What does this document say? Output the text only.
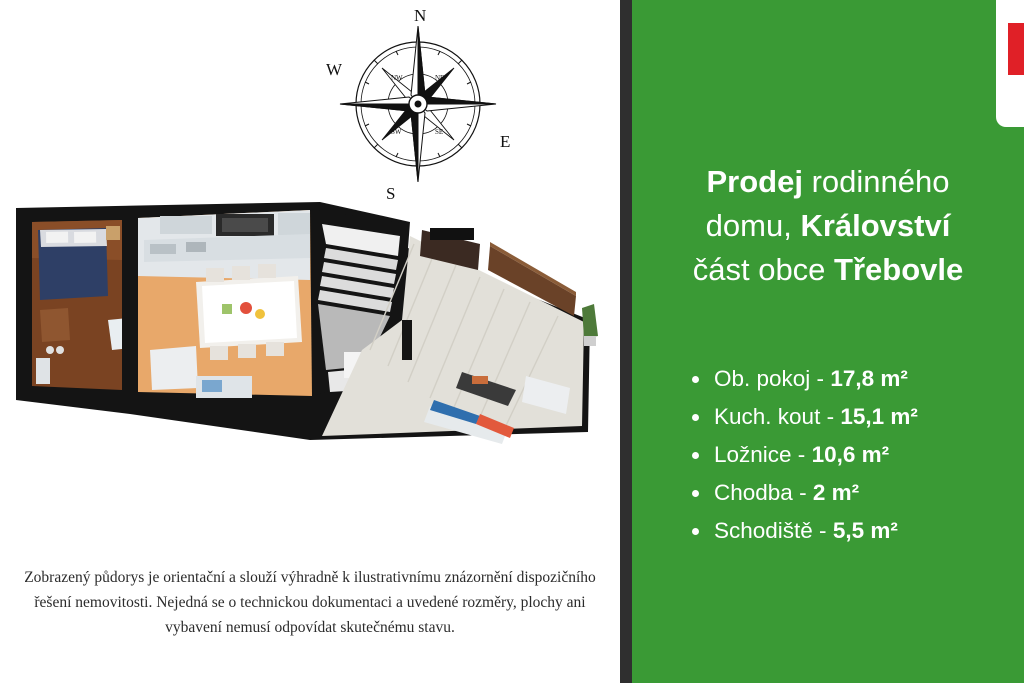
NW	NE
SW	SE
N
E
S
W
Zobrazený půdorys je orientační a slouží výhradně k ilustrativnímu znázornění dispozičního řešení nemovitosti. Nejedná se o technickou dokumentaci a uvedené rozměry, plochy ani vybavení nemusí odpovídat skutečnému stavu.
Prodej rodinného
domu, Království
část obce Třebovle
Ob. pokoj - 17,8 m²
Kuch. kout - 15,1 m²
Ložnice - 10,6 m²
Chodba - 2 m²
Schodiště - 5,5 m²
